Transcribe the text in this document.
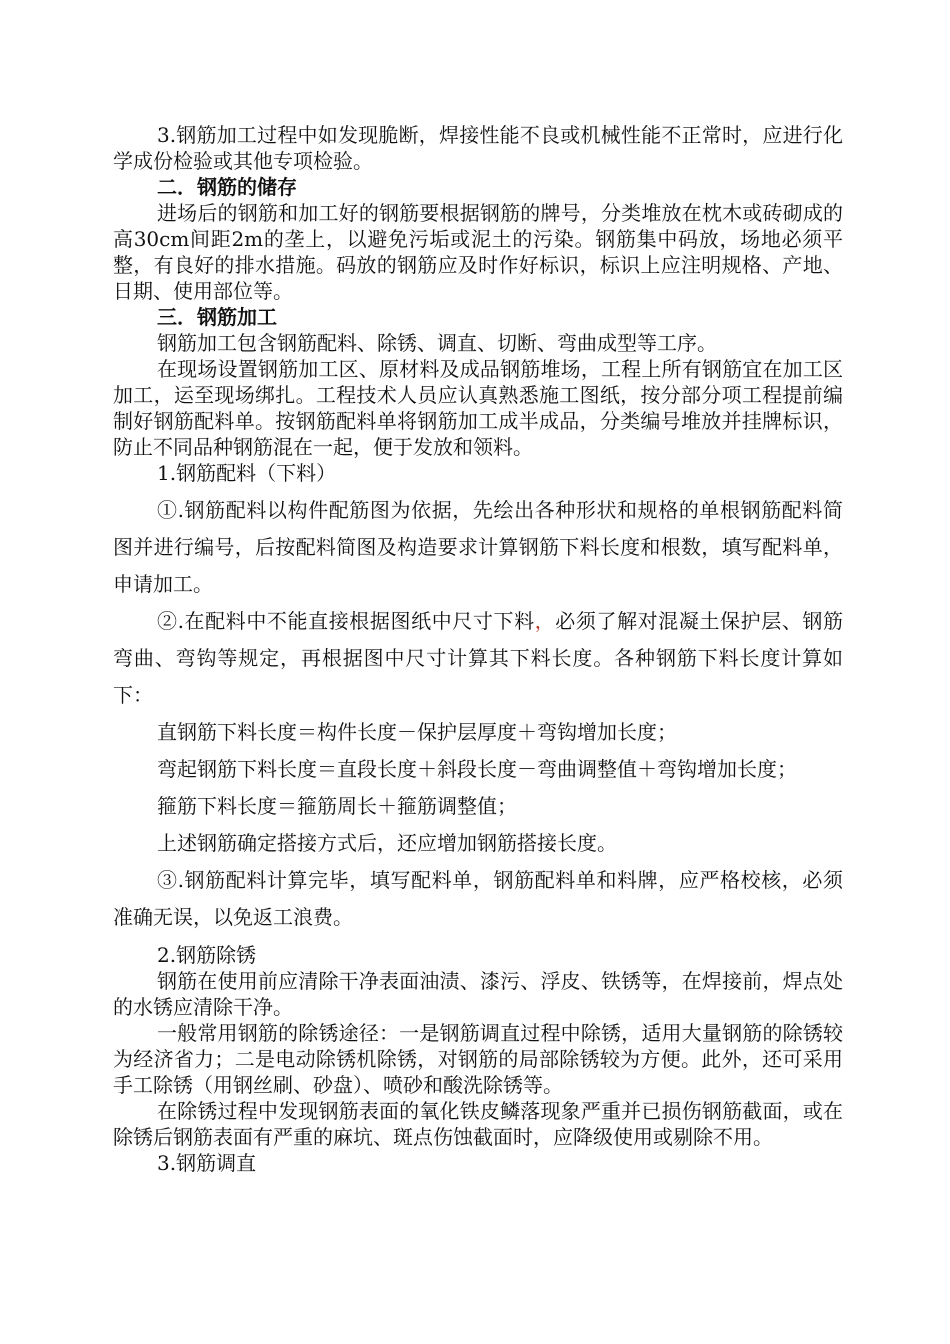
3.钢筋加工过程中如发现脆断，焊接性能不良或机械性能不正常时，应进行化学成份检验或其他专项检验。

二．钢筋的储存

进场后的钢筋和加工好的钢筋要根据钢筋的牌号，分类堆放在枕木或砖砌成的高30cm间距2m的垄上，以避免污垢或泥土的污染。钢筋集中码放，场地必须平整，有良好的排水措施。码放的钢筋应及时作好标识，标识上应注明规格、产地、日期、使用部位等。

三．钢筋加工

钢筋加工包含钢筋配料、除锈、调直、切断、弯曲成型等工序。

在现场设置钢筋加工区、原材料及成品钢筋堆场，工程上所有钢筋宜在加工区加工，运至现场绑扎。工程技术人员应认真熟悉施工图纸，按分部分项工程提前编制好钢筋配料单。按钢筋配料单将钢筋加工成半成品，分类编号堆放并挂牌标识，防止不同品种钢筋混在一起，便于发放和领料。

1.钢筋配料（下料）

①.钢筋配料以构件配筋图为依据，先绘出各种形状和规格的单根钢筋配料简图并进行编号，后按配料简图及构造要求计算钢筋下料长度和根数，填写配料单，申请加工。

②.在配料中不能直接根据图纸中尺寸下料，必须了解对混凝土保护层、钢筋弯曲、弯钩等规定，再根据图中尺寸计算其下料长度。各种钢筋下料长度计算如下：

直钢筋下料长度＝构件长度－保护层厚度＋弯钩增加长度；

弯起钢筋下料长度＝直段长度＋斜段长度－弯曲调整值＋弯钩增加长度；

箍筋下料长度＝箍筋周长＋箍筋调整值；

上述钢筋确定搭接方式后，还应增加钢筋搭接长度。

③.钢筋配料计算完毕，填写配料单，钢筋配料单和料牌，应严格校核，必须准确无误，以免返工浪费。

2.钢筋除锈

钢筋在使用前应清除干净表面油渍、漆污、浮皮、铁锈等，在焊接前，焊点处的水锈应清除干净。

一般常用钢筋的除锈途径：一是钢筋调直过程中除锈，适用大量钢筋的除锈较为经济省力；二是电动除锈机除锈，对钢筋的局部除锈较为方便。此外，还可采用手工除锈（用钢丝刷、砂盘）、喷砂和酸洗除锈等。

在除锈过程中发现钢筋表面的氧化铁皮鳞落现象严重并已损伤钢筋截面，或在除锈后钢筋表面有严重的麻坑、斑点伤蚀截面时，应降级使用或剔除不用。

3.钢筋调直
